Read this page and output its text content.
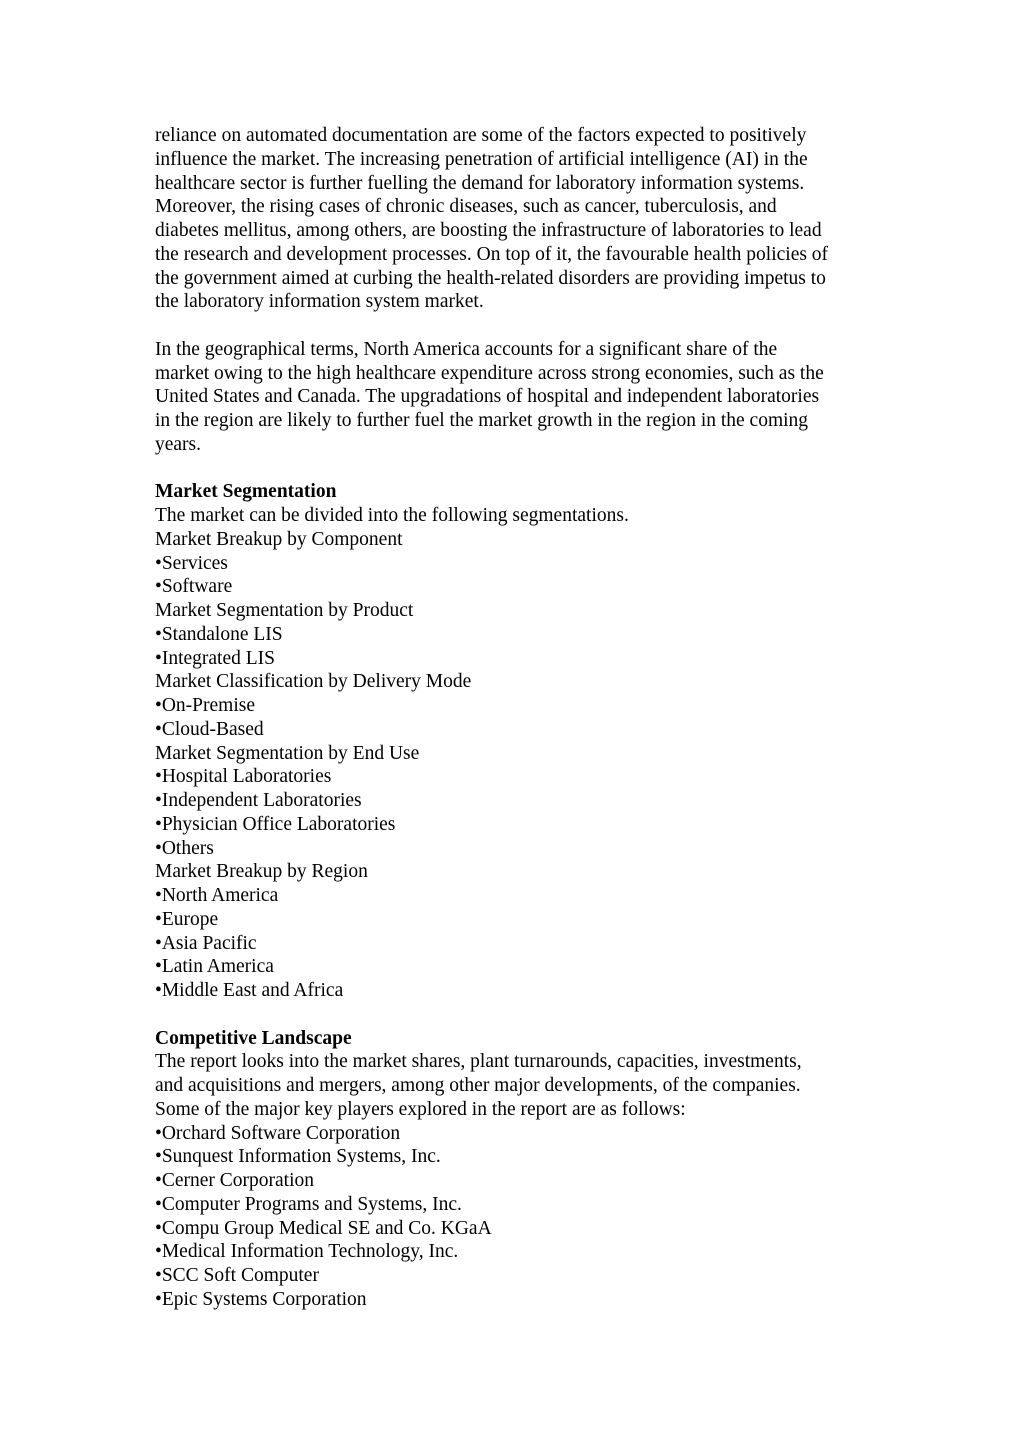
reliance on automated documentation are some of the factors expected to positively
influence the market. The increasing penetration of artificial intelligence (AI) in the
healthcare sector is further fuelling the demand for laboratory information systems.
Moreover, the rising cases of chronic diseases, such as cancer, tuberculosis, and
diabetes mellitus, among others, are boosting the infrastructure of laboratories to lead
the research and development processes. On top of it, the favourable health policies of
the government aimed at curbing the health-related disorders are providing impetus to
the laboratory information system market.

In the geographical terms, North America accounts for a significant share of the
market owing to the high healthcare expenditure across strong economies, such as the
United States and Canada. The upgradations of hospital and independent laboratories
in the region are likely to further fuel the market growth in the region in the coming
years.

Market Segmentation
The market can be divided into the following segmentations.
Market Breakup by Component
• Services
• Software
Market Segmentation by Product
• Standalone LIS
• Integrated LIS
Market Classification by Delivery Mode
• On-Premise
• Cloud-Based
Market Segmentation by End Use
• Hospital Laboratories
• Independent Laboratories
• Physician Office Laboratories
• Others
Market Breakup by Region
• North America
• Europe
• Asia Pacific
• Latin America
• Middle East and Africa
Competitive Landscape
The report looks into the market shares, plant turnarounds, capacities, investments,
and acquisitions and mergers, among other major developments, of the companies.
Some of the major key players explored in the report are as follows:
• Orchard Software Corporation
• Sunquest Information Systems, Inc.
• Cerner Corporation
• Computer Programs and Systems, Inc.
• Compu Group Medical SE and Co. KGaA
• Medical Information Technology, Inc.
• SCC Soft Computer
• Epic Systems Corporation
